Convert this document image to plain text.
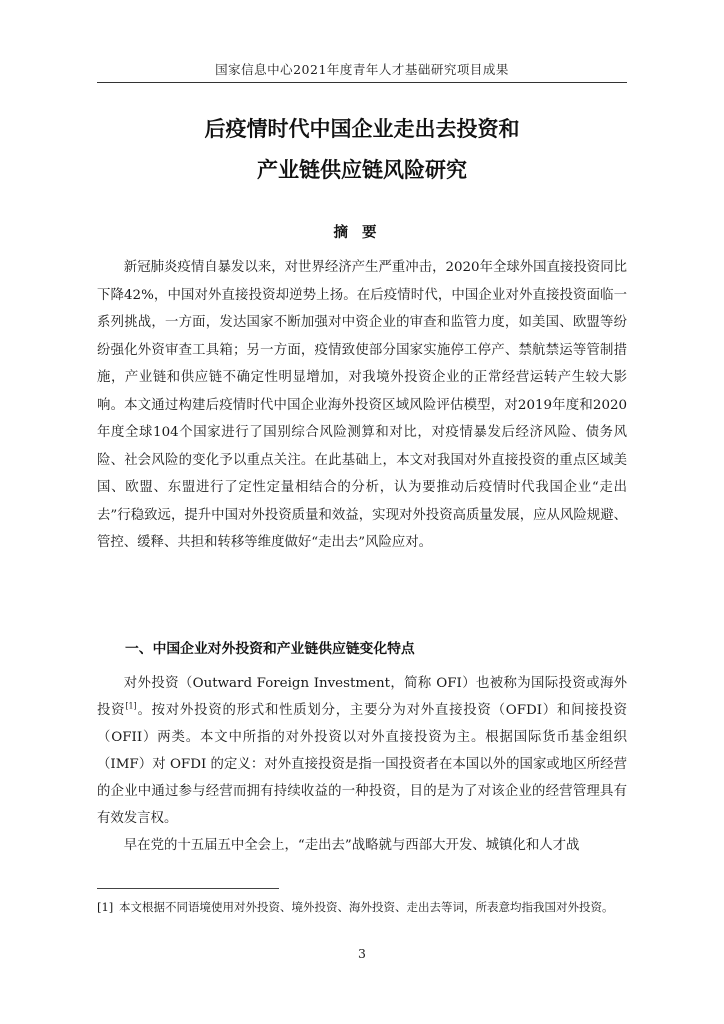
国家信息中心2021年度青年人才基础研究项目成果
后疫情时代中国企业走出去投资和
产业链供应链风险研究
摘要

新冠肺炎疫情自暴发以来，对世界经济产生严重冲击，2020年全球外国直接投资同比下降42%，中国对外直接投资却逆势上扬。在后疫情时代，中国企业对外直接投资面临一系列挑战，一方面，发达国家不断加强对中资企业的审查和监管力度，如美国、欧盟等纷纷强化外资审查工具箱；另一方面，疫情致使部分国家实施停工停产、禁航禁运等管制措施，产业链和供应链不确定性明显增加，对我境外投资企业的正常经营运转产生较大影响。本文通过构建后疫情时代中国企业海外投资区域风险评估模型，对2019年度和2020年度全球104个国家进行了国别综合风险测算和对比，对疫情暴发后经济风险、债务风险、社会风险的变化予以重点关注。在此基础上，本文对我国对外直接投资的重点区域美国、欧盟、东盟进行了定性定量相结合的分析，认为要推动后疫情时代我国企业“走出去”行稳致远，提升中国对外投资质量和效益，实现对外投资高质量发展，应从风险规避、管控、缓释、共担和转移等维度做好“走出去”风险应对。

一、中国企业对外投资和产业链供应链变化特点

对外投资（Outward Foreign Investment，简称 OFI）也被称为国际投资或海外投资[1]。按对外投资的形式和性质划分，主要分为对外直接投资（OFDI）和间接投资（OFII）两类。本文中所指的对外投资以对外直接投资为主。根据国际货币基金组织（IMF）对 OFDI 的定义：对外直接投资是指一国投资者在本国以外的国家或地区所经营的企业中通过参与经营而拥有持续收益的一种投资，目的是为了对该企业的经营管理具有有效发言权。

早在党的十五届五中全会上，“走出去”战略就与西部大开发、城镇化和人才战

[1] 本文根据不同语境使用对外投资、境外投资、海外投资、走出去等词，所表意均指我国对外投资。
3
